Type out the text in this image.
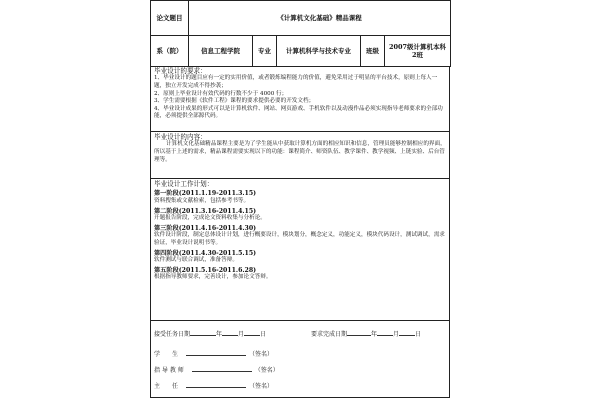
论文题目	《计算机文化基础》精品课程				
系（院）	信息工程学院	专业	计算机科学与技术专业	班级	2007级计算机本科2班
毕业设计的要求：

1、毕业设计的题目应有一定的实用价值，或者锻炼编程能力的价值，避免采用过于明显的平台技术，原则上每人一题，独立开发完成不得抄袭；

2、原则上毕业设计有效代码的行数不少于 4000 行；

3、学生需要根据《软件工程》课程的要求提供必要的开发文档；

4、毕业设计成果的形式可以是计算机软件、网站、网页游戏、手机软件以及动漫作品必须实现指导老师要求的全部功能，必须提供全部源代码。

毕业设计的内容：

计算机文化基础精品课程主要是为了学生能从中获取计算机方面的相应知识和信息，管理员能够控制相应的界面，所以基于上述的需求，精品课程需要实现以下的功能：课程简介、师资队伍、教学课件、教学视频、上链实验、后台管理等。

毕业设计工作计划：
第一阶段(2011.1.19-2011.3.15)

资料搜集或文献检索，包括参考书等。

第二阶段(2011.3.16-2011.4.15)

开题报告阶段，完成论文资料收集与分析论。

第三阶段(2011.4.16-2011.4.30)

软件设计阶段，制定总体设计计划，进行概要设计，模块划分，概念定义，功能定义，模块代码设计，测试调试，需求验证，毕业设计说明书等。

第四阶段(2011.4.30-2011.5.15)

软件测试与联合调试，准备答辩。

第五阶段(2011.5.16-2011.6.28)

根据指导教师要求，完善设计，参加论文答辩。

接受任务日期	年	月	日	要求完成日期	年	月	日
学　　生	（签名）
指 导 教 师	（签名）
主　　任	（签名）
